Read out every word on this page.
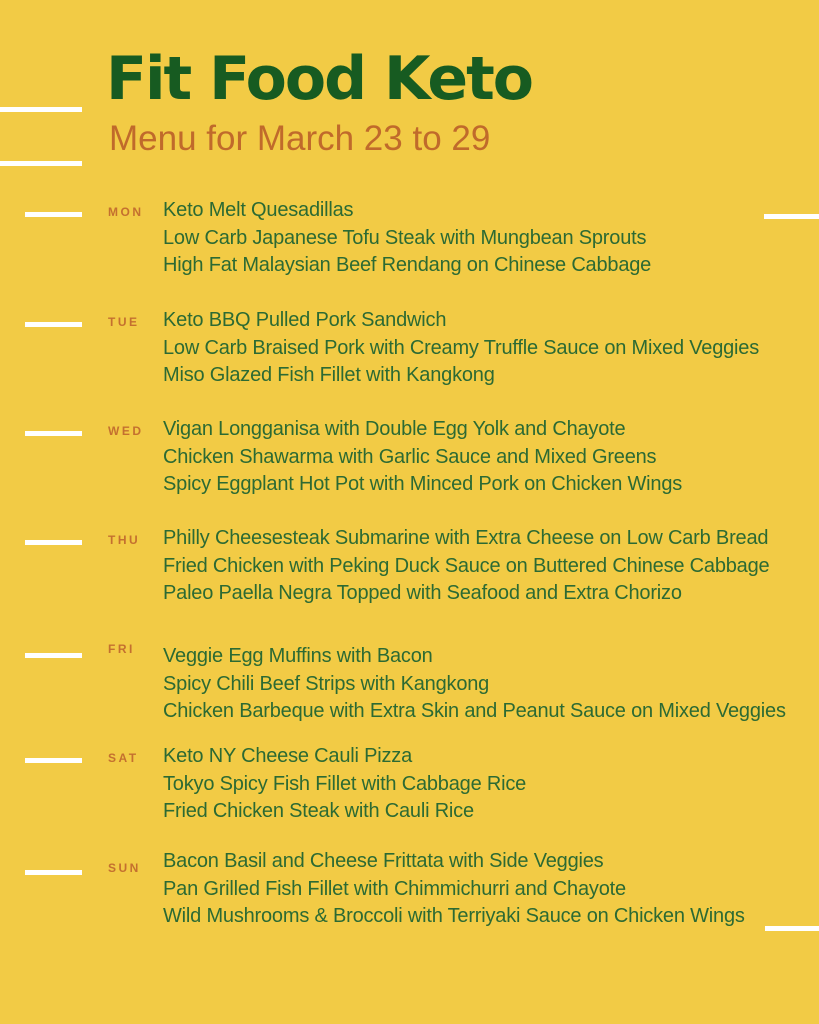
Fit Food Keto
Menu for March 23 to 29
MON Keto Melt Quesadillas

Low Carb Japanese Tofu Steak with Mungbean Sprouts

High Fat Malaysian Beef Rendang on Chinese Cabbage

TUE	Keto BBQ Pulled Pork Sandwich

Low Carb Braised Pork with Creamy Truffle Sauce on Mixed Veggies

Miso Glazed Fish Fillet with Kangkong

WED Vigan Longganisa with Double Egg Yolk and Chayote

Chicken Shawarma with Garlic Sauce and Mixed Greens

Spicy Eggplant Hot Pot with Minced Pork on Chicken Wings

THU	Philly Cheesesteak Submarine with Extra Cheese on Low Carb Bread

Fried Chicken with Peking Duck Sauce on Buttered Chinese Cabbage

Paleo Paella Negra Topped with Seafood and Extra Chorizo

FRI	Veggie Egg Muffins with Bacon

Spicy Chili Beef Strips with Kangkong

Chicken Barbeque with Extra Skin and Peanut Sauce on Mixed Veggies

SAT	Keto NY Cheese Cauli Pizza

Tokyo Spicy Fish Fillet with Cabbage Rice

Fried Chicken Steak with Cauli Rice

SUN	Bacon Basil and Cheese Frittata with Side Veggies

Pan Grilled Fish Fillet with Chimmichurri and Chayote

Wild Mushrooms & Broccoli with Terriyaki Sauce on Chicken Wings
